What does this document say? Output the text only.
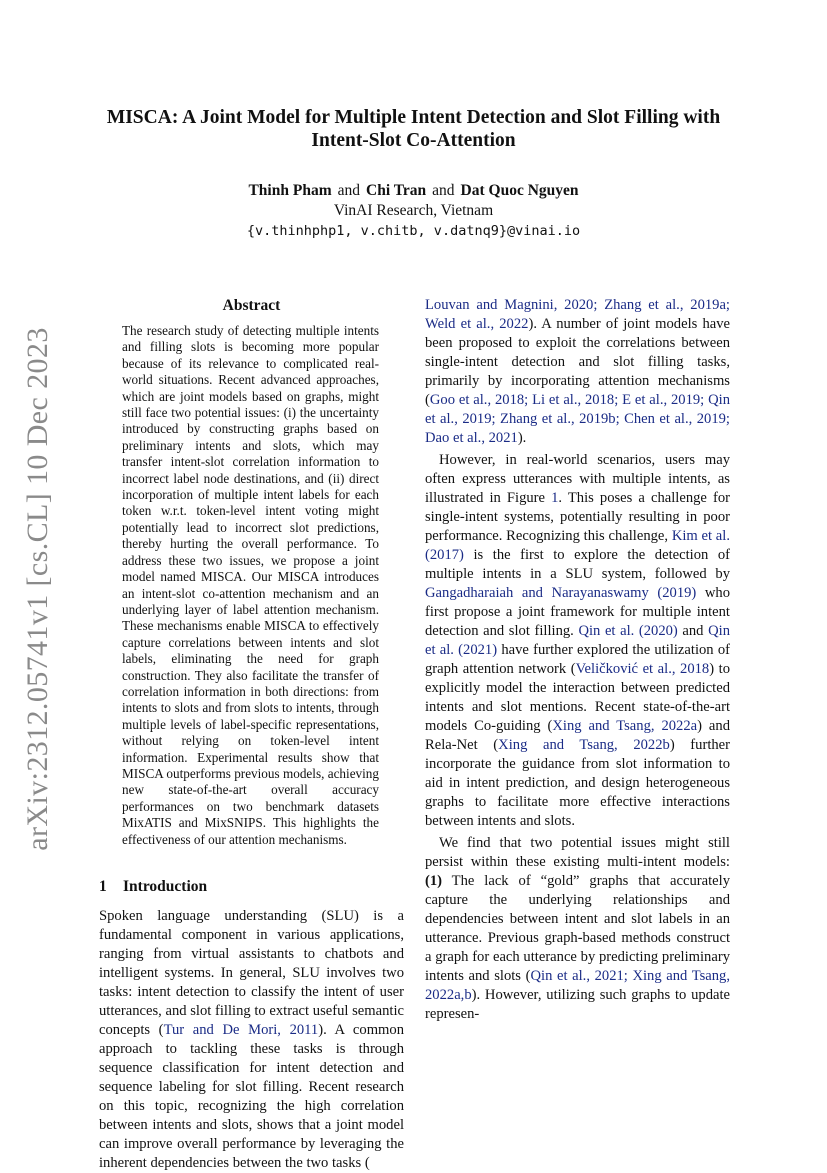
arXiv:2312.05741v1 [cs.CL] 10 Dec 2023
MISCA: A Joint Model for Multiple Intent Detection and Slot Filling with Intent-Slot Co-Attention
Thinh Pham and Chi Tran and Dat Quoc Nguyen
VinAI Research, Vietnam
{v.thinhphp1, v.chitb, v.datnq9}@vinai.io
Abstract
The research study of detecting multiple intents and filling slots is becoming more popular because of its relevance to complicated real-world situations. Recent advanced approaches, which are joint models based on graphs, might still face two potential issues: (i) the uncertainty introduced by constructing graphs based on preliminary intents and slots, which may transfer intent-slot correlation information to incorrect label node destinations, and (ii) direct incorporation of multiple intent labels for each token w.r.t. token-level intent voting might potentially lead to incorrect slot predictions, thereby hurting the overall performance. To address these two issues, we propose a joint model named MISCA. Our MISCA introduces an intent-slot co-attention mechanism and an underlying layer of label attention mechanism. These mechanisms enable MISCA to effectively capture correlations between intents and slot labels, eliminating the need for graph construction. They also facilitate the transfer of correlation information in both directions: from intents to slots and from slots to intents, through multiple levels of label-specific representations, without relying on token-level intent information. Experimental results show that MISCA outperforms previous models, achieving new state-of-the-art overall accuracy performances on two benchmark datasets MixATIS and MixSNIPS. This highlights the effectiveness of our attention mechanisms.
1 Introduction

Spoken language understanding (SLU) is a fundamental component in various applications, ranging from virtual assistants to chatbots and intelligent systems. In general, SLU involves two tasks: intent detection to classify the intent of user utterances, and slot filling to extract useful semantic concepts (Tur and De Mori, 2011). A common approach to tackling these tasks is through sequence classification for intent detection and sequence labeling for slot filling. Recent research on this topic, recognizing the high correlation between intents and slots, shows that a joint model can improve overall performance by leveraging the inherent dependencies between the two tasks (

Louvan and Magnini, 2020; Zhang et al., 2019a; Weld et al., 2022). A number of joint models have been proposed to exploit the correlations between single-intent detection and slot filling tasks, primarily by incorporating attention mechanisms (Goo et al., 2018; Li et al., 2018; E et al., 2019; Qin et al., 2019; Zhang et al., 2019b; Chen et al., 2019; Dao et al., 2021).

However, in real-world scenarios, users may often express utterances with multiple intents, as illustrated in Figure 1. This poses a challenge for single-intent systems, potentially resulting in poor performance. Recognizing this challenge, Kim et al. (2017) is the first to explore the detection of multiple intents in a SLU system, followed by Gangadharaiah and Narayanaswamy (2019) who first propose a joint framework for multiple intent detection and slot filling. Qin et al. (2020) and Qin et al. (2021) have further explored the utilization of graph attention network (Veličković et al., 2018) to explicitly model the interaction between predicted intents and slot mentions. Recent state-of-the-art models Co-guiding (Xing and Tsang, 2022a) and Rela-Net (Xing and Tsang, 2022b) further incorporate the guidance from slot information to aid in intent prediction, and design heterogeneous graphs to facilitate more effective interactions between intents and slots.

We find that two potential issues might still persist within these existing multi-intent models: (1) The lack of “gold” graphs that accurately capture the underlying relationships and dependencies between intent and slot labels in an utterance. Previous graph-based methods construct a graph for each utterance by predicting preliminary intents and slots (Qin et al., 2021; Xing and Tsang, 2022a,b). However, utilizing such graphs to update represen-
